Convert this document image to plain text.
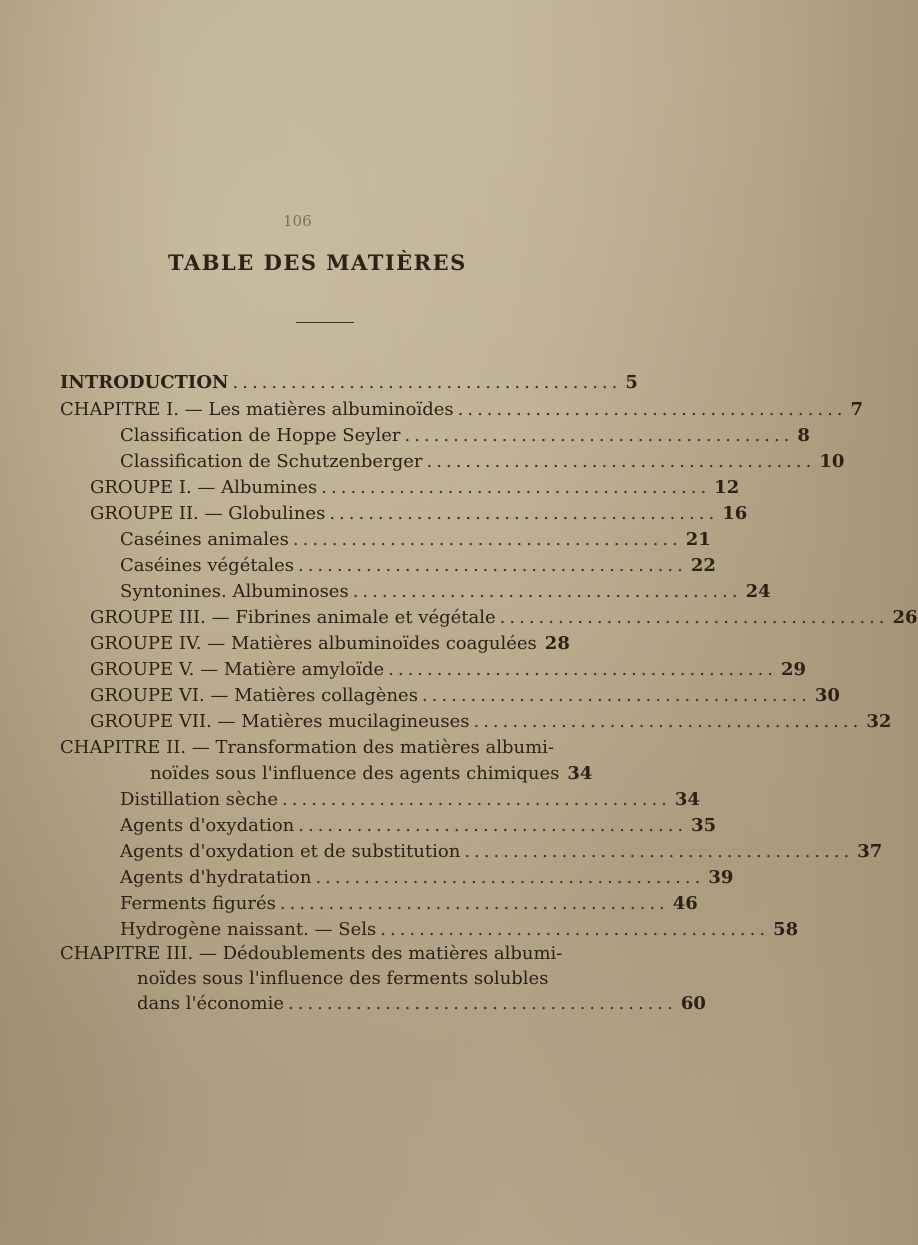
106
TABLE DES MATIÈRES
INTRODUCTION ........................................ 5
CHAPITRE I. — Les matières albuminoïdes ........................................ 7
Classification de Hoppe Seyler ........................................ 8
Classification de Schutzenberger ........................................ 10
GROUPE I. — Albumines ........................................ 12
GROUPE II. — Globulines ........................................ 16
Caséines animales ........................................ 21
Caséines végétales ........................................ 22
Syntonines. Albuminoses ........................................ 24
GROUPE III. — Fibrines animale et végétale ........................................ 26
GROUPE IV. — Matières albuminoïdes coagulées 28
GROUPE V. — Matière amyloïde ........................................ 29
GROUPE VI. — Matières collagènes ........................................ 30
GROUPE VII. — Matières mucilagineuses ........................................ 32
CHAPITRE II. — Transformation des matières albumi-
noïdes sous l'influence des agents chimiques 34
Distillation sèche ........................................ 34
Agents d'oxydation ........................................ 35
Agents d'oxydation et de substitution ........................................ 37
Agents d'hydratation ........................................ 39
Ferments figurés ........................................ 46
Hydrogène naissant. — Sels ........................................ 58
CHAPITRE III. — Dédoublements des matières albumi-
noïdes sous l'influence des ferments solubles
dans l'économie ........................................ 60
